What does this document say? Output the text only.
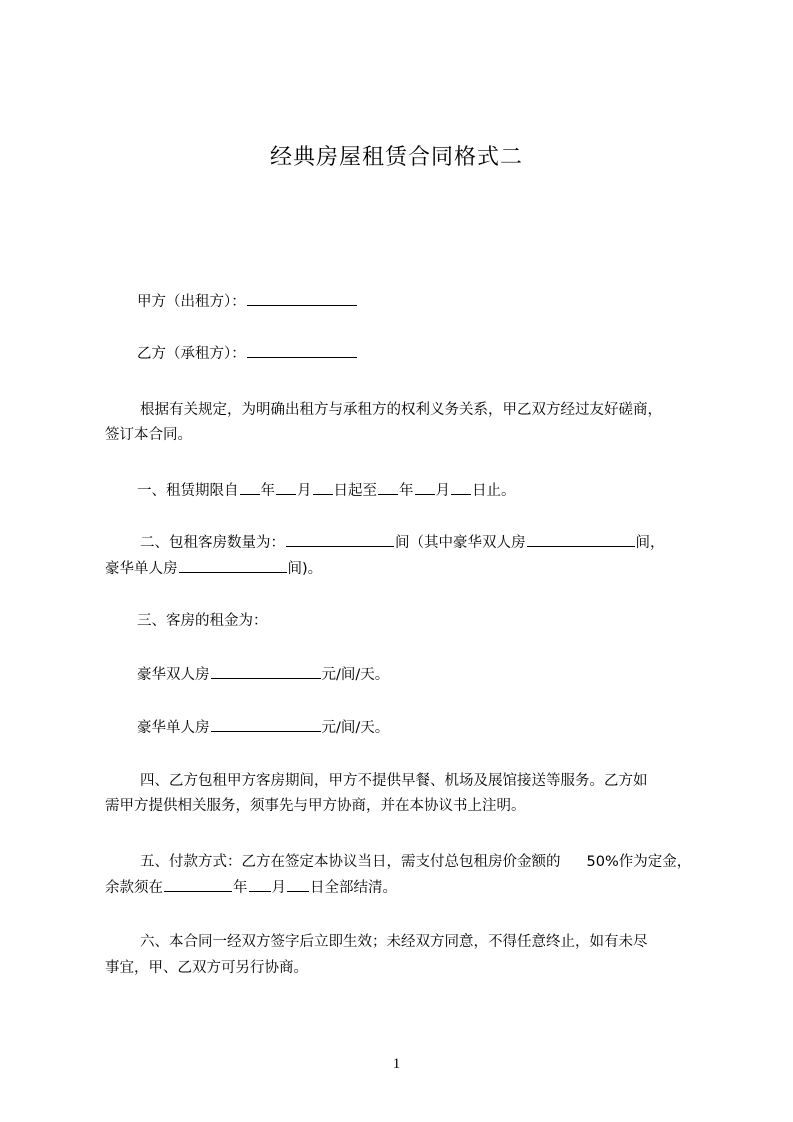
经典房屋租赁合同格式二
甲方（出租方）：
乙方（承租方）：
根据有关规定，为明确出租方与承租方的权利义务关系，甲乙双方经过友好磋商，
签订本合同。
一、租赁期限自 年 月 日起至 年 月 日止。
二、包租客房数量为：	间（其中豪华双人房	间，
豪华单人房	间)。
三、客房的租金为：
豪华双人房	元/间/天。
豪华单人房	元/间/天。
四、乙方包租甲方客房期间，甲方不提供早餐、机场及展馆接送等服务。乙方如
需甲方提供相关服务，须事先与甲方协商，并在本协议书上注明。
五、付款方式：乙方在签定本协议当日，需支付总包租房价金额的 50%作为定金，
余款须在	年 月 日全部结清。
六、本合同一经双方签字后立即生效；未经双方同意，不得任意终止，如有未尽
事宜，甲、乙双方可另行协商。
1
